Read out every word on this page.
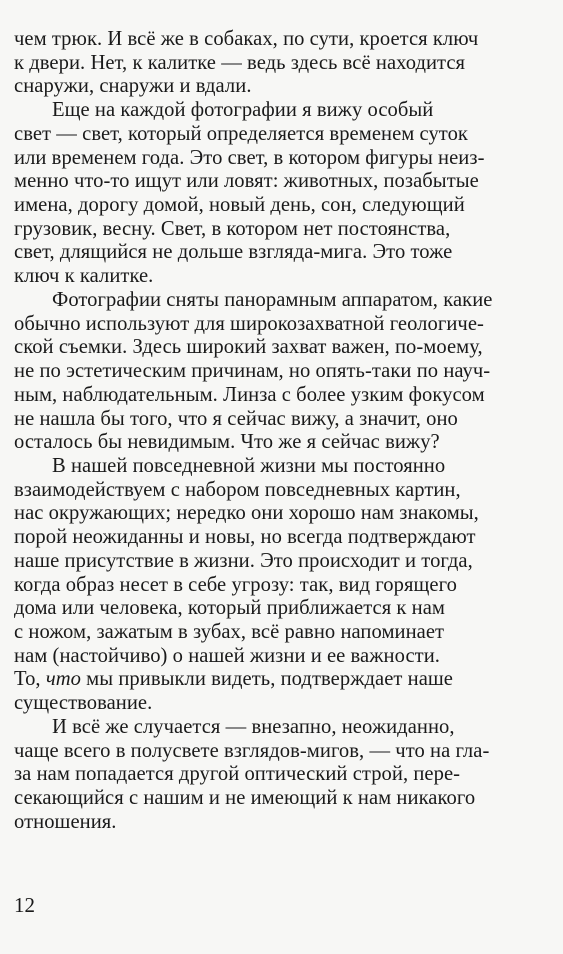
чем трюк. И всё же в собаках, по сути, кроется ключ
к двери. Нет, к калитке — ведь здесь всё находится
снаружи, снаружи и вдали.
Еще на каждой фотографии я вижу особый
свет — свет, который определяется временем суток
или временем года. Это свет, в котором фигуры неиз-
менно что-то ищут или ловят: животных, позабытые
имена, дорогу домой, новый день, сон, следующий
грузовик, весну. Свет, в котором нет постоянства,
свет, длящийся не дольше взгляда-мига. Это тоже
ключ к калитке.
Фотографии сняты панорамным аппаратом, какие
обычно используют для широкозахватной геологиче-
ской съемки. Здесь широкий захват важен, по-моему,
не по эстетическим причинам, но опять-таки по науч-
ным, наблюдательным. Линза с более узким фокусом
не нашла бы того, что я сейчас вижу, а значит, оно
осталось бы невидимым. Что же я сейчас вижу?
В нашей повседневной жизни мы постоянно
взаимодействуем с набором повседневных картин,
нас окружающих; нередко они хорошо нам знакомы,
порой неожиданны и новы, но всегда подтверждают
наше присутствие в жизни. Это происходит и тогда,
когда образ несет в себе угрозу: так, вид горящего
дома или человека, который приближается к нам
с ножом, зажатым в зубах, всё равно напоминает
нам (настойчиво) о нашей жизни и ее важности.
То, что мы привыкли видеть, подтверждает наше
существование.
И всё же случается — внезапно, неожиданно,
чаще всего в полусвете взглядов-мигов, — что на гла-
за нам попадается другой оптический строй, пере-
секающийся с нашим и не имеющий к нам никакого
отношения.
12
